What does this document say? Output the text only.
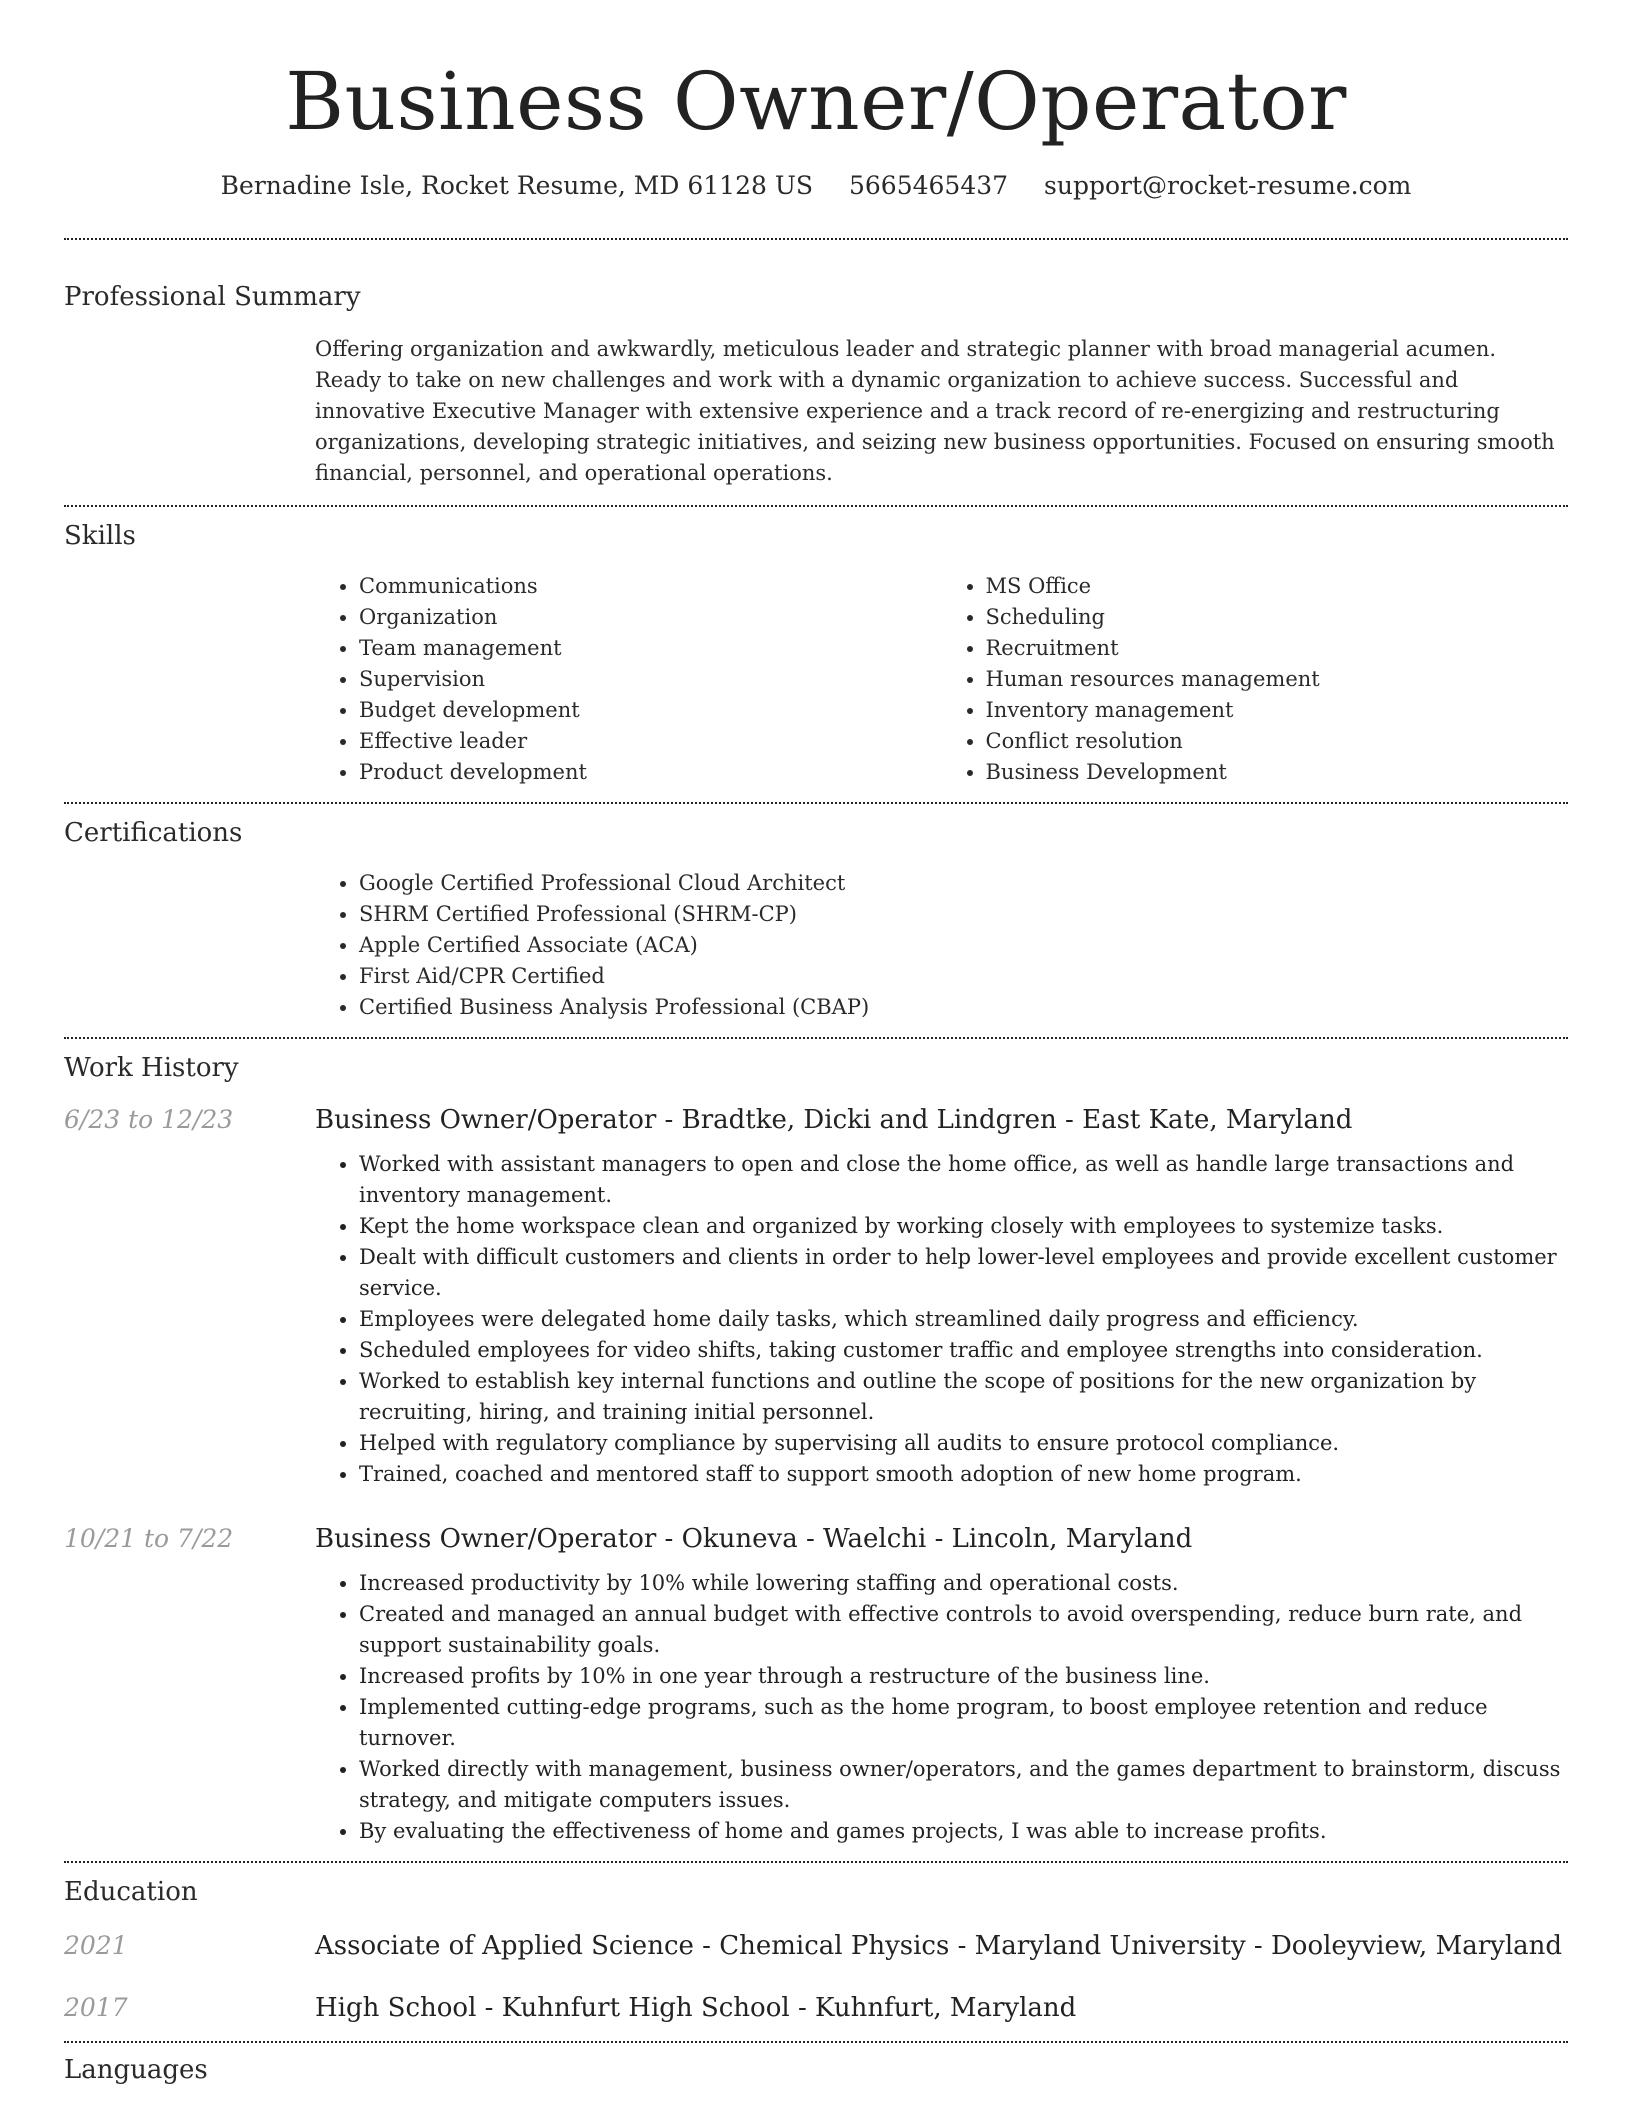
Business Owner/Operator
Bernadine Isle, Rocket Resume, MD 61128 US 5665465437 support@rocket-resume.com
Professional Summary

Offering organization and awkwardly, meticulous leader and strategic planner with broad managerial acumen. Ready to take on new challenges and work with a dynamic organization to achieve success. Successful and innovative Executive Manager with extensive experience and a track record of re-energizing and restructuring organizations, developing strategic initiatives, and seizing new business opportunities. Focused on ensuring smooth financial, personnel, and operational operations.

Skills
• Communications
• Organization
• Team management
• Supervision
• Budget development
• Effective leader
• Product development
• MS Office
• Scheduling
• Recruitment
• Human resources management
• Inventory management
• Conflict resolution
• Business Development
Certifications
• Google Certified Professional Cloud Architect
• SHRM Certified Professional (SHRM-CP)
• Apple Certified Associate (ACA)
• First Aid/CPR Certified
• Certified Business Analysis Professional (CBAP)
Work History
6/23 to 12/23	Business Owner/Operator - Bradtke, Dicki and Lindgren - East Kate, Maryland
• Worked with assistant managers to open and close the home office, as well as handle large transactions and inventory management.
• Kept the home workspace clean and organized by working closely with employees to systemize tasks.
• Dealt with difficult customers and clients in order to help lower-level employees and provide excellent customer service.
• Employees were delegated home daily tasks, which streamlined daily progress and efficiency.
• Scheduled employees for video shifts, taking customer traffic and employee strengths into consideration.
• Worked to establish key internal functions and outline the scope of positions for the new organization by recruiting, hiring, and training initial personnel.
• Helped with regulatory compliance by supervising all audits to ensure protocol compliance.
• Trained, coached and mentored staff to support smooth adoption of new home program.
10/21 to 7/22	Business Owner/Operator - Okuneva - Waelchi - Lincoln, Maryland
• Increased productivity by 10% while lowering staffing and operational costs.
• Created and managed an annual budget with effective controls to avoid overspending, reduce burn rate, and support sustainability goals.
• Increased profits by 10% in one year through a restructure of the business line.
• Implemented cutting-edge programs, such as the home program, to boost employee retention and reduce turnover.
• Worked directly with management, business owner/operators, and the games department to brainstorm, discuss strategy, and mitigate computers issues.
• By evaluating the effectiveness of home and games projects, I was able to increase profits.
Education
2021	Associate of Applied Science - Chemical Physics - Maryland University - Dooleyview, Maryland
2017	High School - Kuhnfurt High School - Kuhnfurt, Maryland
Languages
